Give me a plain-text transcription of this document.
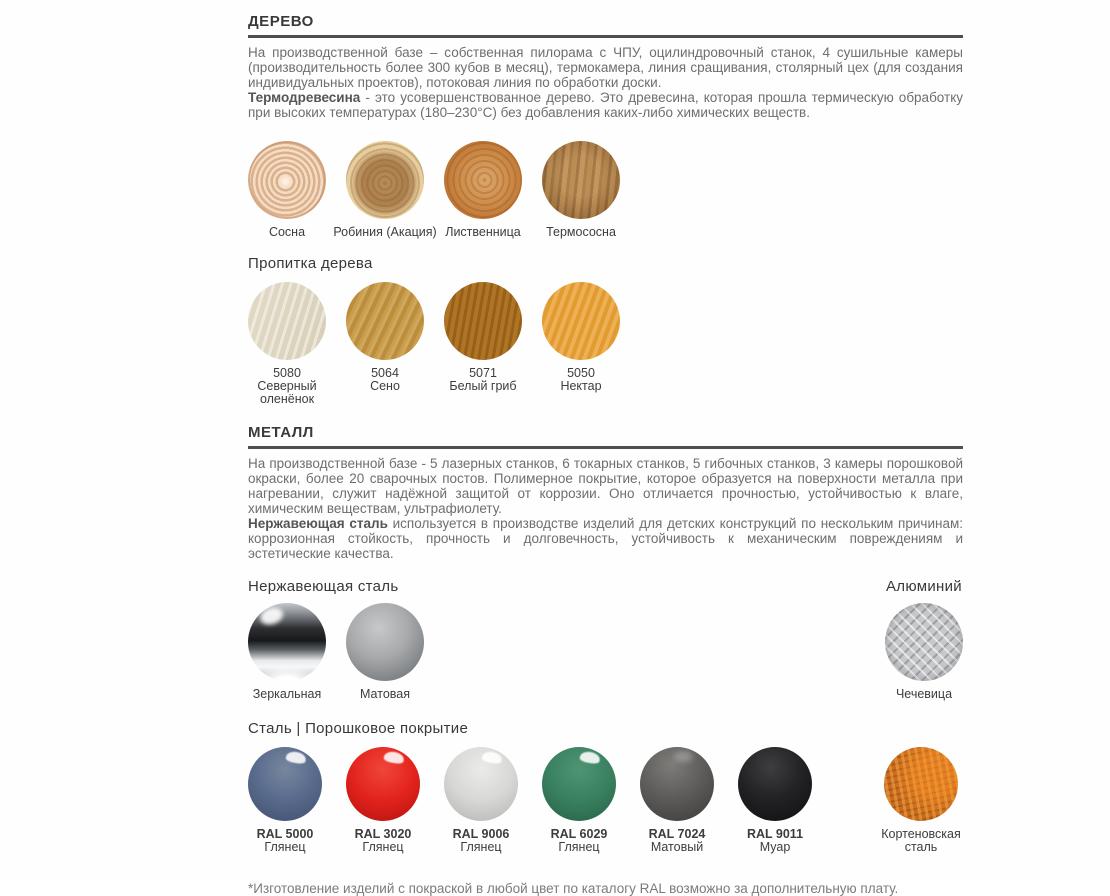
ДЕРЕВО

На производственной базе – собственная пилорама с ЧПУ, оцилиндровочный станок, 4 сушильные камеры (производительность более 300 кубов в месяц), термокамера, линия сращивания, столярный цех (для создания индивидуальных проектов), потоковая линия по обработки доски.

Термодревесина - это усовершенствованное дерево. Это древесина, которая прошла термическую обработку при высоких температурах (180–230°С) без добавления каких-либо химических веществ.

Сосна	Робиния (Акация) Лиственница	Термососна
Пропитка дерева
5080
Северный оленёнок
5064
Сено
5071
Белый гриб
5050
Нектар
МЕТАЛЛ

На производственной базе - 5 лазерных станков, 6 токарных станков, 5 гибочных станков, 3 камеры порошковой окраски, более 20 сварочных постов. Полимерное покрытие, которое образуется на поверхности металла при нагревании, служит надёжной защитой от коррозии. Оно отличается прочностью, устойчивостью к влаге, химическим веществам, ультрафиолету.

Нержавеющая сталь используется в производстве изделий для детских конструкций по нескольким причинам: коррозионная стойкость, прочность и долговечность, устойчивость к механическим повреждениям и эстетические качества.

Нержавеющая сталь
Зеркальная	Матовая
Алюминий
Чечевица
Сталь | Порошковое покрытие
RAL 5000
Глянец
RAL 3020
Глянец
RAL 9006
Глянец
RAL 6029
Глянец
RAL 7024
Матовый
RAL 9011
Муар
Кортеновская сталь

*Изготовление изделий с покраской в любой цвет по каталогу RAL возможно за дополнительную плату.
